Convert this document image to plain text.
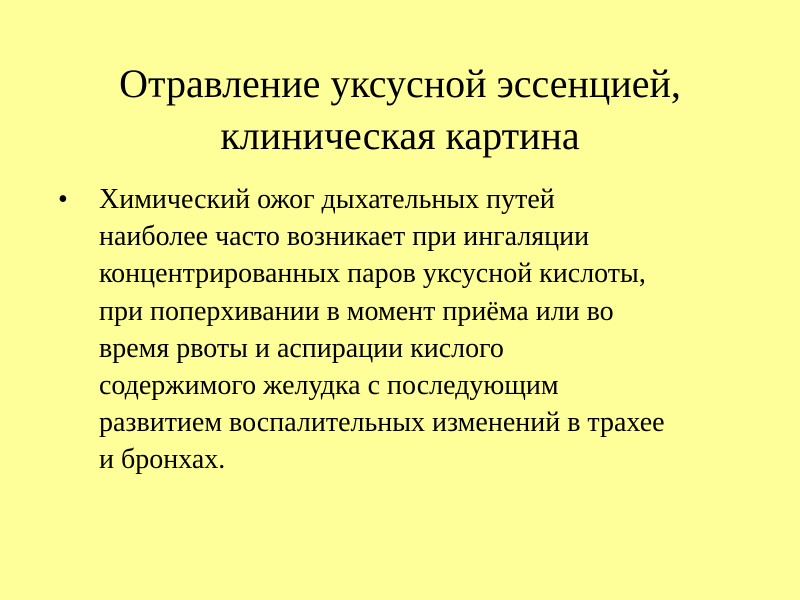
Отравление уксусной эссенцией,
клиническая картина
• Химический ожог дыхательных путей
наиболее часто возникает при ингаляции
концентрированных паров уксусной кислоты,
при поперхивании в момент приёма или во
время рвоты и аспирации кислого
содержимого желудка с последующим
развитием воспалительных изменений в трахее
и бронхах.
